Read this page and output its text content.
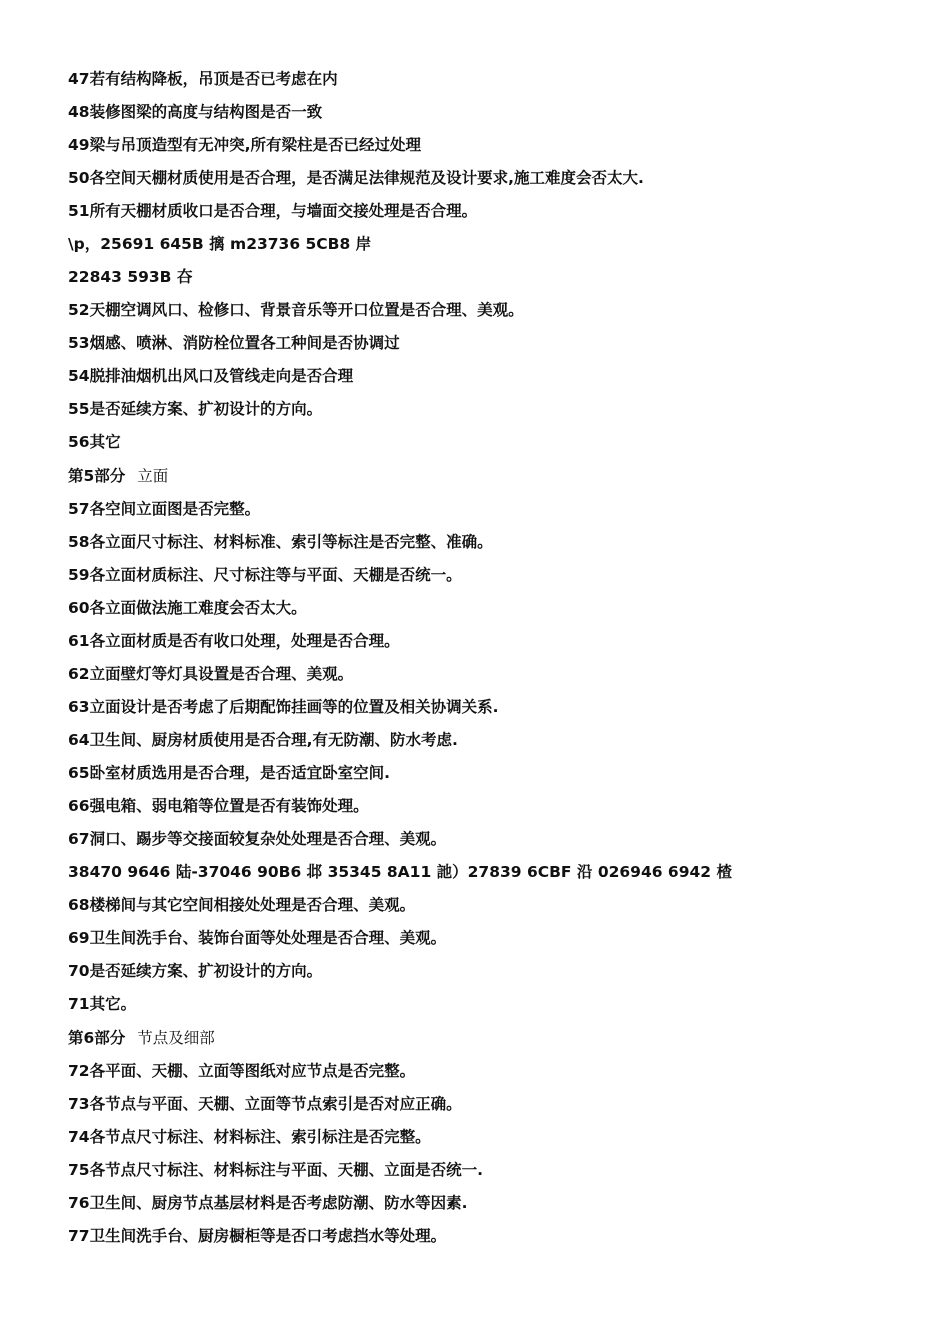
47若有结构降板，吊顶是否已考虑在内
48装修图梁的高度与结构图是否一致
49梁与吊顶造型有无冲突,所有梁柱是否已经过处理
50各空间天棚材质使用是否合理，是否满足法律规范及设计要求,施工难度会否太大.
51所有天棚材质收口是否合理，与墙面交接处理是否合理。
\p，25691 645B 摛 m23736 5CB8 岸
22843 593B 夻
52天棚空调风口、检修口、背景音乐等开口位置是否合理、美观。
53烟感、喷淋、消防栓位置各工种间是否协调过
54脱排油烟机出风口及管线走向是否合理
55是否延续方案、扩初设计的方向。
56其它
第5部分 立面
57各空间立面图是否完整。
58各立面尺寸标注、材料标准、索引等标注是否完整、准确。
59各立面材质标注、尺寸标注等与平面、天棚是否统一。
60各立面做法施工难度会否太大。
61各立面材质是否有收口处理，处理是否合理。
62立面壁灯等灯具设置是否合理、美观。
63立面设计是否考虑了后期配饰挂画等的位置及相关协调关系.
64卫生间、厨房材质使用是否合理,有无防潮、防水考虑.
65卧室材质选用是否合理，是否适宜卧室空间.
66强电箱、弱电箱等位置是否有装饰处理。
67洞口、踢步等交接面较复杂处处理是否合理、美观。
38470 9646 陆-37046 90B6 邶 35345 8A11 訑）27839 6CBF 沿 026946 6942 楂
68楼梯间与其它空间相接处处理是否合理、美观。
69卫生间洗手台、装饰台面等处处理是否合理、美观。
70是否延续方案、扩初设计的方向。
71其它。
第6部分 节点及细部
72各平面、天棚、立面等图纸对应节点是否完整。
73各节点与平面、天棚、立面等节点索引是否对应正确。
74各节点尺寸标注、材料标注、索引标注是否完整。
75各节点尺寸标注、材料标注与平面、天棚、立面是否统一.
76卫生间、厨房节点基层材料是否考虑防潮、防水等因素.
77卫生间洗手台、厨房橱柜等是否口考虑挡水等处理。
